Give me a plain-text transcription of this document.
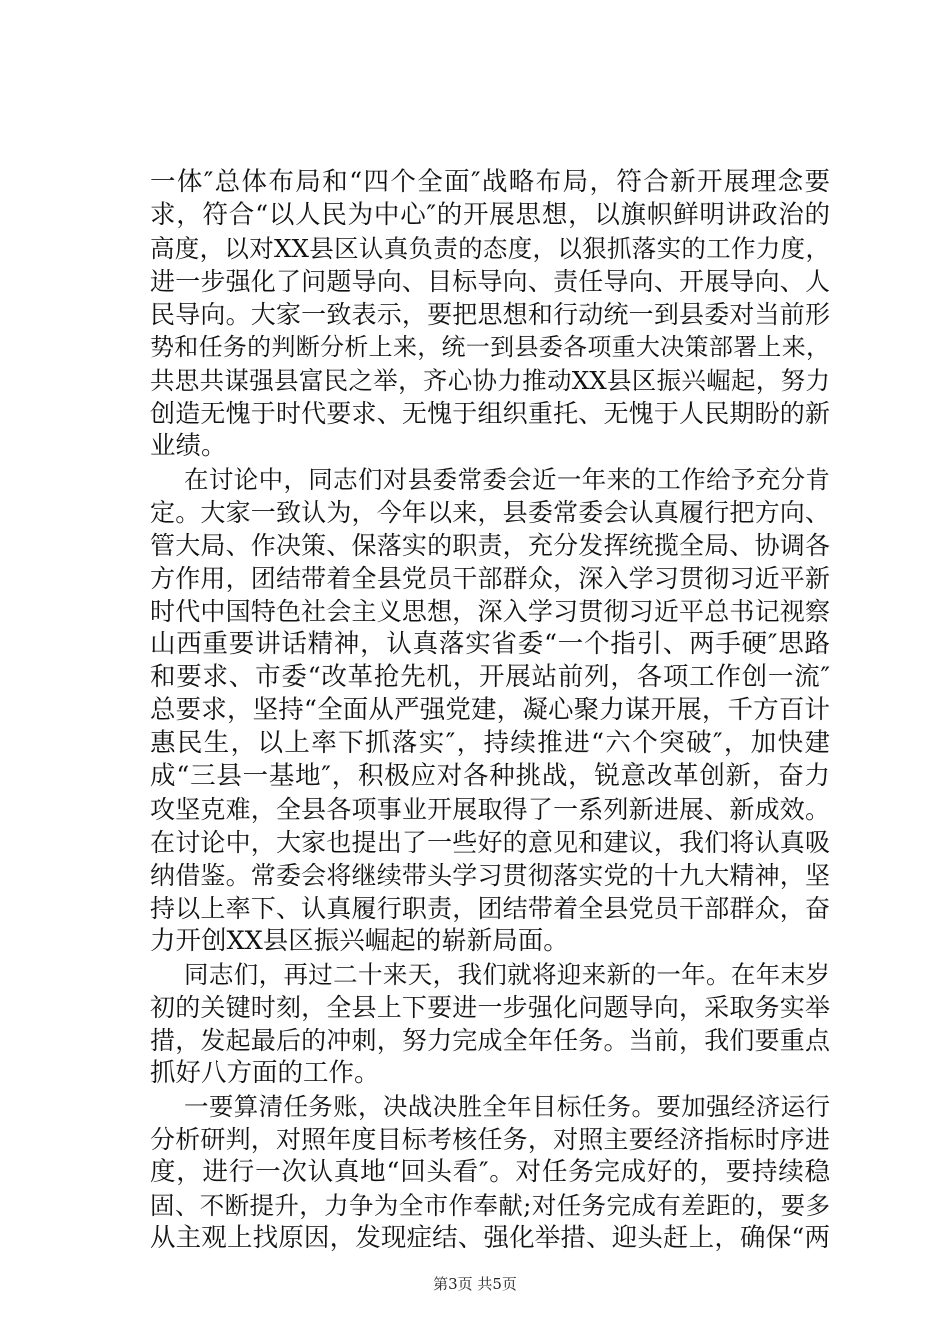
一体″总体布局和“四个全面″战略布局，符合新开展理念要
求，符合“以人民为中心″的开展思想，以旗帜鲜明讲政治的
高度，以对XX县区认真负责的态度，以狠抓落实的工作力度，
进一步强化了问题导向、目标导向、责任导向、开展导向、人
民导向。大家一致表示，要把思想和行动统一到县委对当前形
势和任务的判断分析上来，统一到县委各项重大决策部署上来，
共思共谋强县富民之举，齐心协力推动XX县区振兴崛起，努力
创造无愧于时代要求、无愧于组织重托、无愧于人民期盼的新
业绩。
在讨论中，同志们对县委常委会近一年来的工作给予充分肯
定。大家一致认为，今年以来，县委常委会认真履行把方向、
管大局、作决策、保落实的职责，充分发挥统揽全局、协调各
方作用，团结带着全县党员干部群众，深入学习贯彻习近平新
时代中国特色社会主义思想，深入学习贯彻习近平总书记视察
山西重要讲话精神，认真落实省委“一个指引、两手硬″思路
和要求、市委“改革抢先机，开展站前列，各项工作创一流″
总要求，坚持“全面从严强党建，凝心聚力谋开展，千方百计
惠民生，以上率下抓落实″，持续推进“六个突破″，加快建
成“三县一基地″，积极应对各种挑战，锐意改革创新，奋力
攻坚克难，全县各项事业开展取得了一系列新进展、新成效。
在讨论中，大家也提出了一些好的意见和建议，我们将认真吸
纳借鉴。常委会将继续带头学习贯彻落实党的十九大精神，坚
持以上率下、认真履行职责，团结带着全县党员干部群众，奋
力开创XX县区振兴崛起的崭新局面。
同志们，再过二十来天，我们就将迎来新的一年。在年末岁
初的关键时刻，全县上下要进一步强化问题导向，采取务实举
措，发起最后的冲刺，努力完成全年任务。当前，我们要重点
抓好八方面的工作。
一要算清任务账，决战决胜全年目标任务。要加强经济运行
分析研判，对照年度目标考核任务，对照主要经济指标时序进
度，进行一次认真地“回头看″。对任务完成好的，要持续稳
固、不断提升，力争为全市作奉献;对任务完成有差距的，要多
从主观上找原因，发现症结、强化举措、迎头赶上，确保“两
第3页 共5页
